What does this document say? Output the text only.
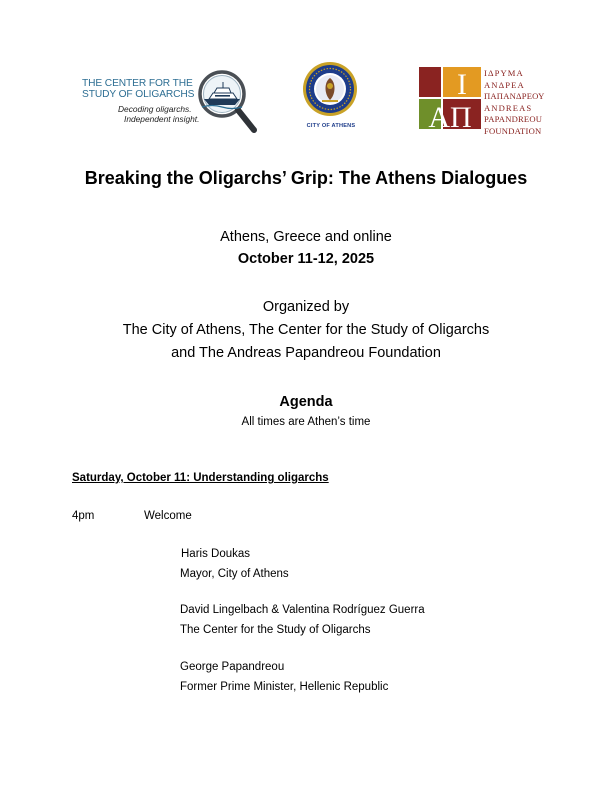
THE CENTER FOR THE
STUDY OF OLIGARCHS
Decoding oligarchs.
Independent insight.
CITY OF ATHENS
Ι
ΑΠ
ΙΔΡΥΜΑ
ΑΝΔΡΕΑ
ΠΑΠΑΝΔΡΕΟΥ
ANDREAS
PAPANDREOU
FOUNDATION
Breaking the Oligarchs’ Grip: The Athens Dialogues
Athens, Greece and online
October 11-12, 2025
Organized by
The City of Athens, The Center for the Study of Oligarchs
and The Andreas Papandreou Foundation
Agenda
All times are Athen’s time
Saturday, October 11: Understanding oligarchs
4pm	Welcome
Haris Doukas
Mayor, City of Athens
David Lingelbach & Valentina Rodríguez Guerra
The Center for the Study of Oligarchs
George Papandreou
Former Prime Minister, Hellenic Republic
